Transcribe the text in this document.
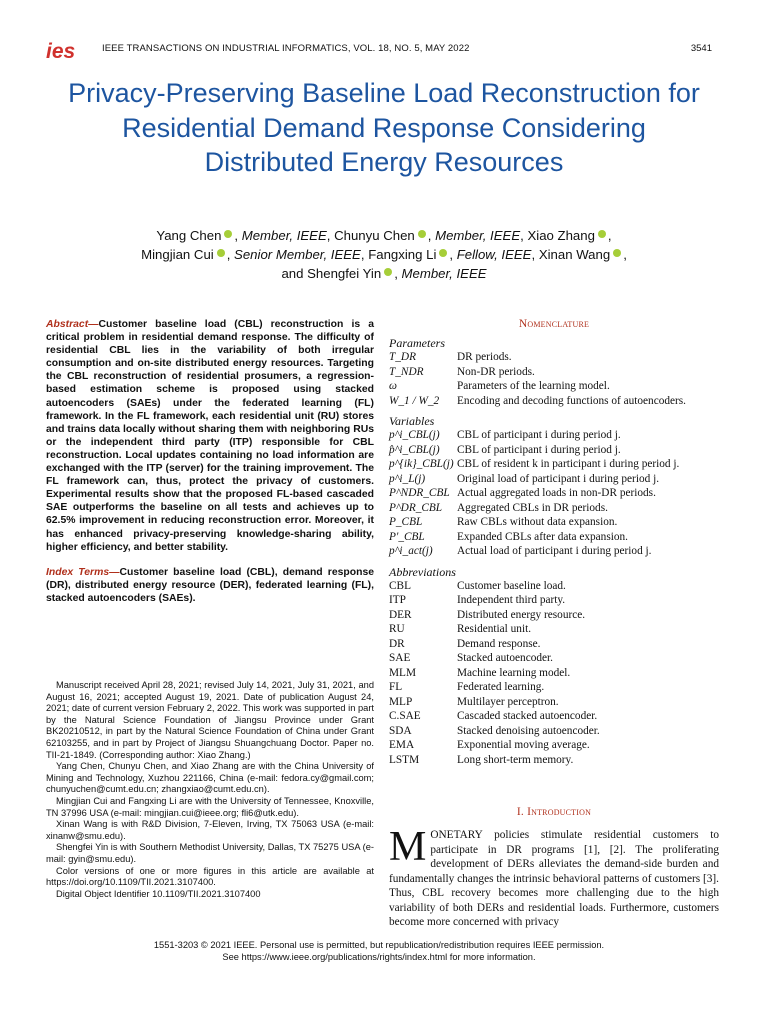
ies	IEEE TRANSACTIONS ON INDUSTRIAL INFORMATICS, VOL. 18, NO. 5, MAY 2022	3541
Privacy-Preserving Baseline Load Reconstruction for Residential Demand Response Considering Distributed Energy Resources
Yang Chen , Member, IEEE, Chunyu Chen , Member, IEEE, Xiao Zhang ,
Mingjian Cui , Senior Member, IEEE, Fangxing Li , Fellow, IEEE, Xinan Wang ,
and Shengfei Yin , Member, IEEE

Abstract—Customer baseline load (CBL) reconstruction is a critical problem in residential demand response. The difficulty of residential CBL lies in the variability of both irregular consumption and on-site distributed energy resources. Targeting the CBL reconstruction of residential prosumers, a regression-based estimation scheme is proposed using stacked autoencoders (SAEs) under the federated learning (FL) framework. In the FL framework, each residential unit (RU) stores and trains data locally without sharing them with neighboring RUs or the independent third party (ITP) responsible for CBL reconstruction. Local updates containing no load information are exchanged with the ITP (server) for the training improvement. The FL framework can, thus, protect the privacy of customers. Experimental results show that the proposed FL-based cascaded SAE outperforms the baseline on all tests and achieves up to 62.5% improvement in reducing reconstruction error. Moreover, it has enhanced privacy-preserving knowledge-sharing ability, higher efficiency, and better stability.

Index Terms—Customer baseline load (CBL), demand response (DR), distributed energy resource (DER), federated learning (FL), stacked autoencoders (SAEs).

Manuscript received April 28, 2021; revised July 14, 2021, July 31, 2021, and August 16, 2021; accepted August 19, 2021. Date of publication August 24, 2021; date of current version February 2, 2022. This work was supported in part by the Natural Science Foundation of Jiangsu Province under Grant BK20210512, in part by the Natural Science Foundation of China under Grant 62103255, and in part by Project of Jiangsu Shuangchuang Doctor. Paper no. TII-21-1849. (Corresponding author: Xiao Zhang.)

Yang Chen, Chunyu Chen, and Xiao Zhang are with the China University of Mining and Technology, Xuzhou 221166, China (e-mail: fedora.cy@gmail.com; chunyuchen@cumt.edu.cn; zhangxiao@cumt.edu.cn).

Mingjian Cui and Fangxing Li are with the University of Tennessee, Knoxville, TN 37996 USA (e-mail: mingjian.cui@ieee.org; fli6@utk.edu).

Xinan Wang is with R&D Division, 7-Eleven, Irving, TX 75063 USA (e-mail: xinanw@smu.edu).

Shengfei Yin is with Southern Methodist University, Dallas, TX 75275 USA (e-mail: gyin@smu.edu).

Color versions of one or more figures in this article are available at https://doi.org/10.1109/TII.2021.3107400.

Digital Object Identifier 10.1109/TII.2021.3107400

Nomenclature
Parameters
T_DR	DR periods.
T_NDR	Non-DR periods.
ω	Parameters of the learning model.
W_1 / W_2	Encoding and decoding functions of autoencoders.
Variables
p^i_CBL(j)	CBL of participant i during period j.
p̂^i_CBL(j)	CBL of participant i during period j.
p^{ik}_CBL(j) CBL of resident k in participant i during period j.
p^i_L(j)	Original load of participant i during period j.
P^NDR_CBL Actual aggregated loads in non-DR periods.
P^DR_CBL	Aggregated CBLs in DR periods.
P_CBL	Raw CBLs without data expansion.
P'_CBL	Expanded CBLs after data expansion.
p^i_act(j)	Actual load of participant i during period j.
Abbreviations
CBL	Customer baseline load.
ITP	Independent third party.
DER	Distributed energy resource.
RU	Residential unit.
DR	Demand response.
SAE	Stacked autoencoder.
MLM	Machine learning model.
FL	Federated learning.
MLP	Multilayer perceptron.
C.SAE	Cascaded stacked autoencoder.
SDA	Stacked denoising autoencoder.
EMA	Exponential moving average.
LSTM	Long short-term memory.
I. Introduction
MONETARY policies stimulate residential customers to participate in DR programs [1], [2]. The proliferating development of DERs alleviates the demand-side burden and fundamentally changes the intrinsic behavioral patterns of customers [3]. Thus, CBL recovery becomes more challenging due to the high variability of both DERs and residential loads. Furthermore, customers become more concerned with privacy
1551-3203 © 2021 IEEE. Personal use is permitted, but republication/redistribution requires IEEE permission.
See https://www.ieee.org/publications/rights/index.html for more information.
